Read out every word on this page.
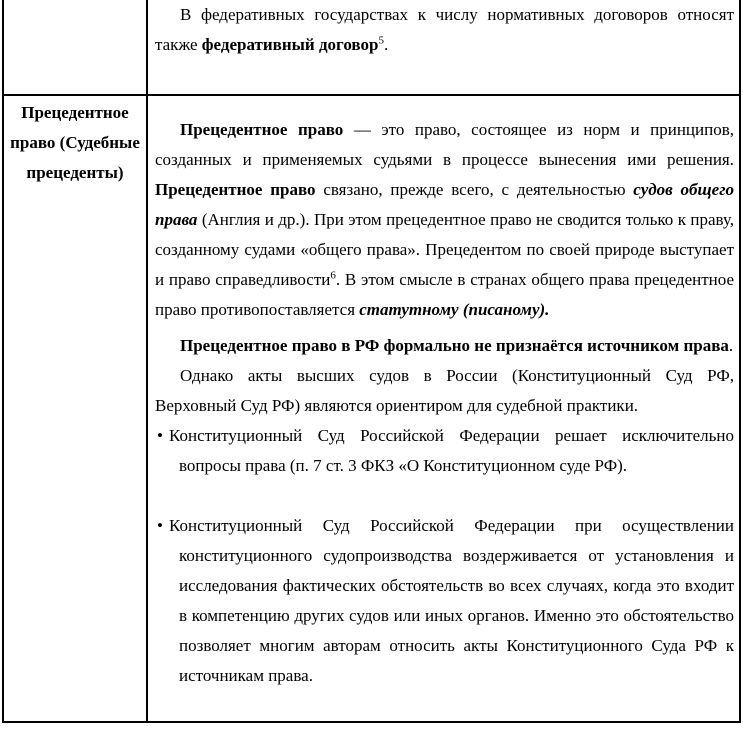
В федеративных государствах к числу нормативных договоров относят также федеративный договор$^5$.

Прецедентное право (Судебные прецеденты)

Прецедентное право — это право, состоящее из норм и принципов, созданных и применяемых судьями в процессе вынесения ими решения. Прецедентное право связано, прежде всего, с деятельностью судов общего права (Англия и др.). При этом прецедентное право не сводится только к праву, созданному судами «общего права». Прецедентом по своей природе выступает и право справедливости$^6$. В этом смысле в странах общего права прецедентное право противопоставляется статутному (писаному).

Прецедентное право в РФ формально не признаётся источником права.

Однако акты высших судов в России (Конституционный Суд РФ, Верховный Суд РФ) являются ориентиром для судебной практики.

• Конституционный Суд Российской Федерации решает исключительно вопросы права (п. 7 ст. 3 ФКЗ «О Конституционном суде РФ).

• Конституционный Суд Российской Федерации при осуществлении конституционного судопроизводства воздерживается от установления и исследования фактических обстоятельств во всех случаях, когда это входит в компетенцию других судов или иных органов. Именно это обстоятельство позволяет многим авторам относить акты Конституционного Суда РФ к источникам права.
